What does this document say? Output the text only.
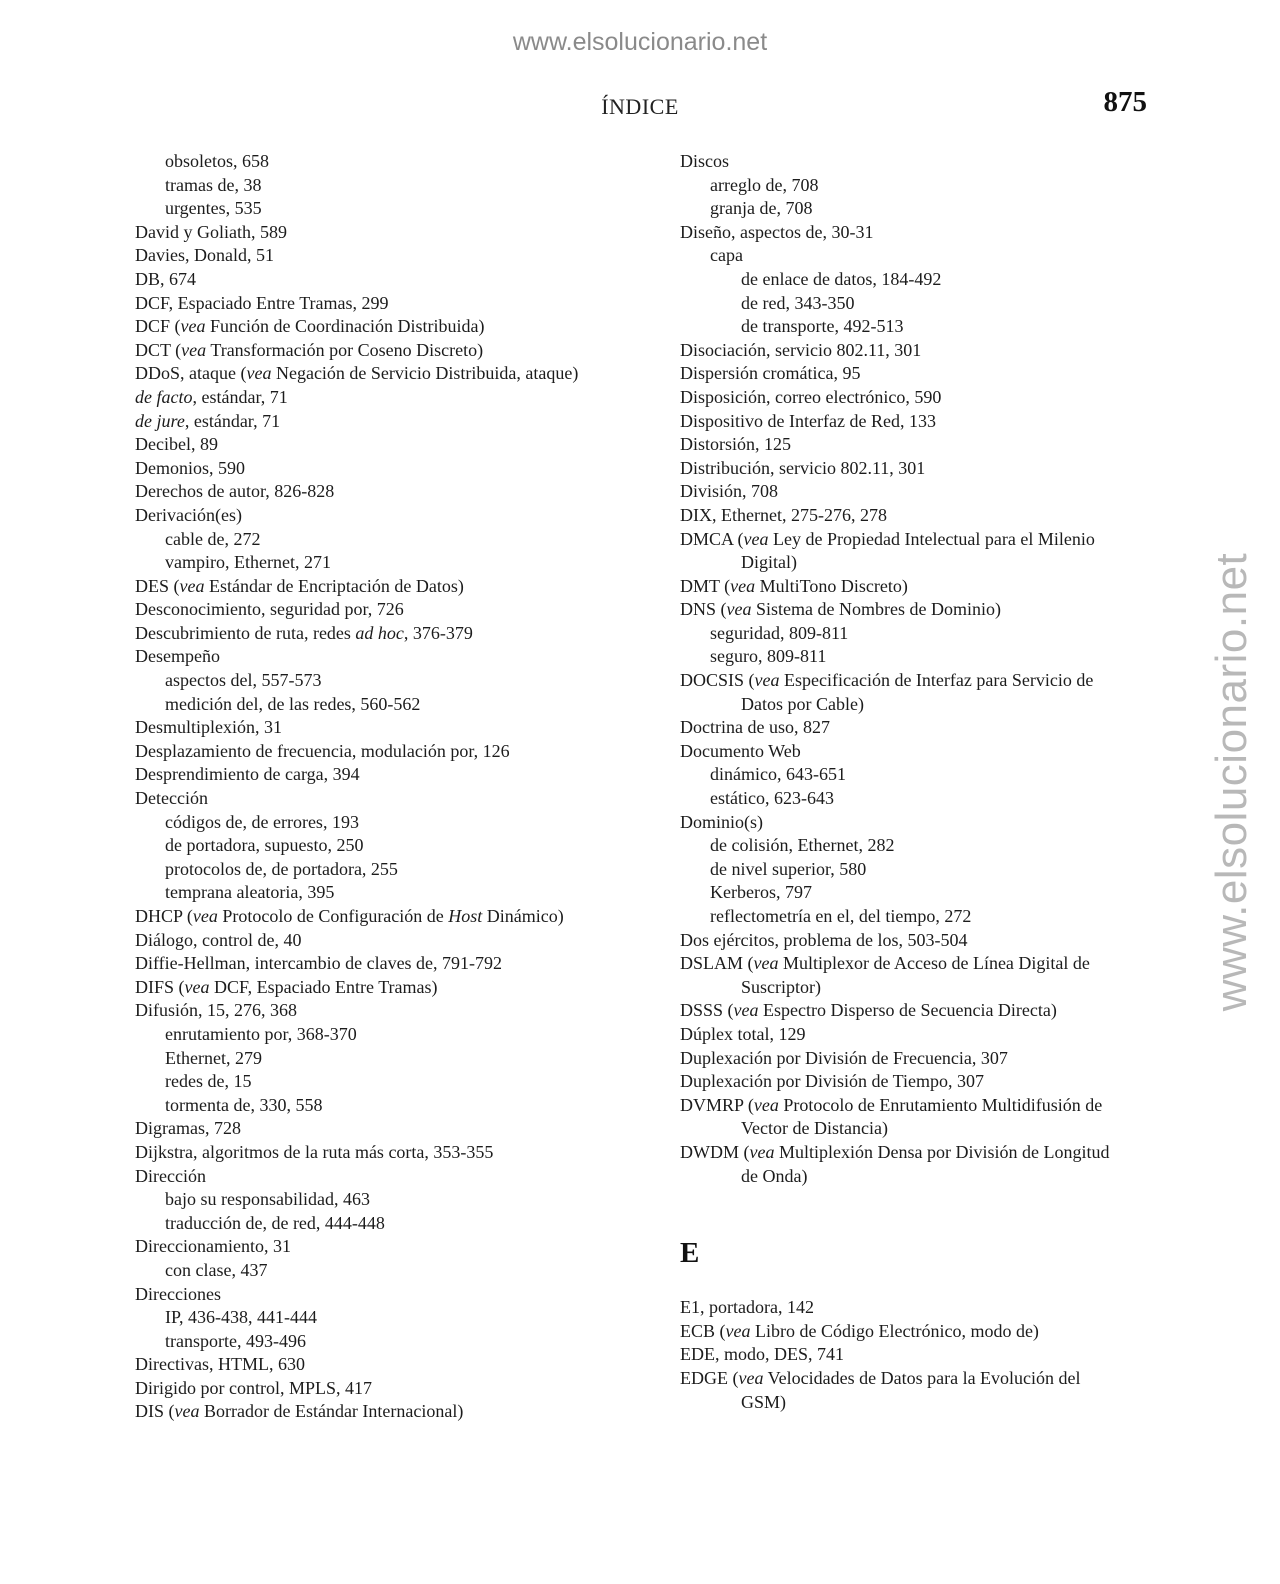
www.elsolucionario.net
www.elsolucionario.net
ÍNDICE	875
obsoletos, 658
tramas de, 38
urgentes, 535
David y Goliath, 589
Davies, Donald, 51
DB, 674
DCF, Espaciado Entre Tramas, 299
DCF (vea Función de Coordinación Distribuida)
DCT (vea Transformación por Coseno Discreto)
DDoS, ataque (vea Negación de Servicio Distribuida, ataque)
de facto, estándar, 71
de jure, estándar, 71
Decibel, 89
Demonios, 590
Derechos de autor, 826-828
Derivación(es)
cable de, 272
vampiro, Ethernet, 271
DES (vea Estándar de Encriptación de Datos)
Desconocimiento, seguridad por, 726
Descubrimiento de ruta, redes ad hoc, 376-379
Desempeño
aspectos del, 557-573
medición del, de las redes, 560-562
Desmultiplexión, 31
Desplazamiento de frecuencia, modulación por, 126
Desprendimiento de carga, 394
Detección
códigos de, de errores, 193
de portadora, supuesto, 250
protocolos de, de portadora, 255
temprana aleatoria, 395
DHCP (vea Protocolo de Configuración de Host Dinámico)
Diálogo, control de, 40
Diffie-Hellman, intercambio de claves de, 791-792
DIFS (vea DCF, Espaciado Entre Tramas)
Difusión, 15, 276, 368
enrutamiento por, 368-370
Ethernet, 279
redes de, 15
tormenta de, 330, 558
Digramas, 728
Dijkstra, algoritmos de la ruta más corta, 353-355
Dirección
bajo su responsabilidad, 463
traducción de, de red, 444-448
Direccionamiento, 31
con clase, 437
Direcciones
IP, 436-438, 441-444
transporte, 493-496
Directivas, HTML, 630
Dirigido por control, MPLS, 417
DIS (vea Borrador de Estándar Internacional)
Discos
arreglo de, 708
granja de, 708
Diseño, aspectos de, 30-31
capa
de enlace de datos, 184-492
de red, 343-350
de transporte, 492-513
Disociación, servicio 802.11, 301
Dispersión cromática, 95
Disposición, correo electrónico, 590
Dispositivo de Interfaz de Red, 133
Distorsión, 125
Distribución, servicio 802.11, 301
División, 708
DIX, Ethernet, 275-276, 278
DMCA (vea Ley de Propiedad Intelectual para el Milenio
Digital)
DMT (vea MultiTono Discreto)
DNS (vea Sistema de Nombres de Dominio)
seguridad, 809-811
seguro, 809-811
DOCSIS (vea Especificación de Interfaz para Servicio de
Datos por Cable)
Doctrina de uso, 827
Documento Web
dinámico, 643-651
estático, 623-643
Dominio(s)
de colisión, Ethernet, 282
de nivel superior, 580
Kerberos, 797
reflectometría en el, del tiempo, 272
Dos ejércitos, problema de los, 503-504
DSLAM (vea Multiplexor de Acceso de Línea Digital de
Suscriptor)
DSSS (vea Espectro Disperso de Secuencia Directa)
Dúplex total, 129
Duplexación por División de Frecuencia, 307
Duplexación por División de Tiempo, 307
DVMRP (vea Protocolo de Enrutamiento Multidifusión de
Vector de Distancia)
DWDM (vea Multiplexión Densa por División de Longitud
de Onda)
E
E1, portadora, 142
ECB (vea Libro de Código Electrónico, modo de)
EDE, modo, DES, 741
EDGE (vea Velocidades de Datos para la Evolución del
GSM)
